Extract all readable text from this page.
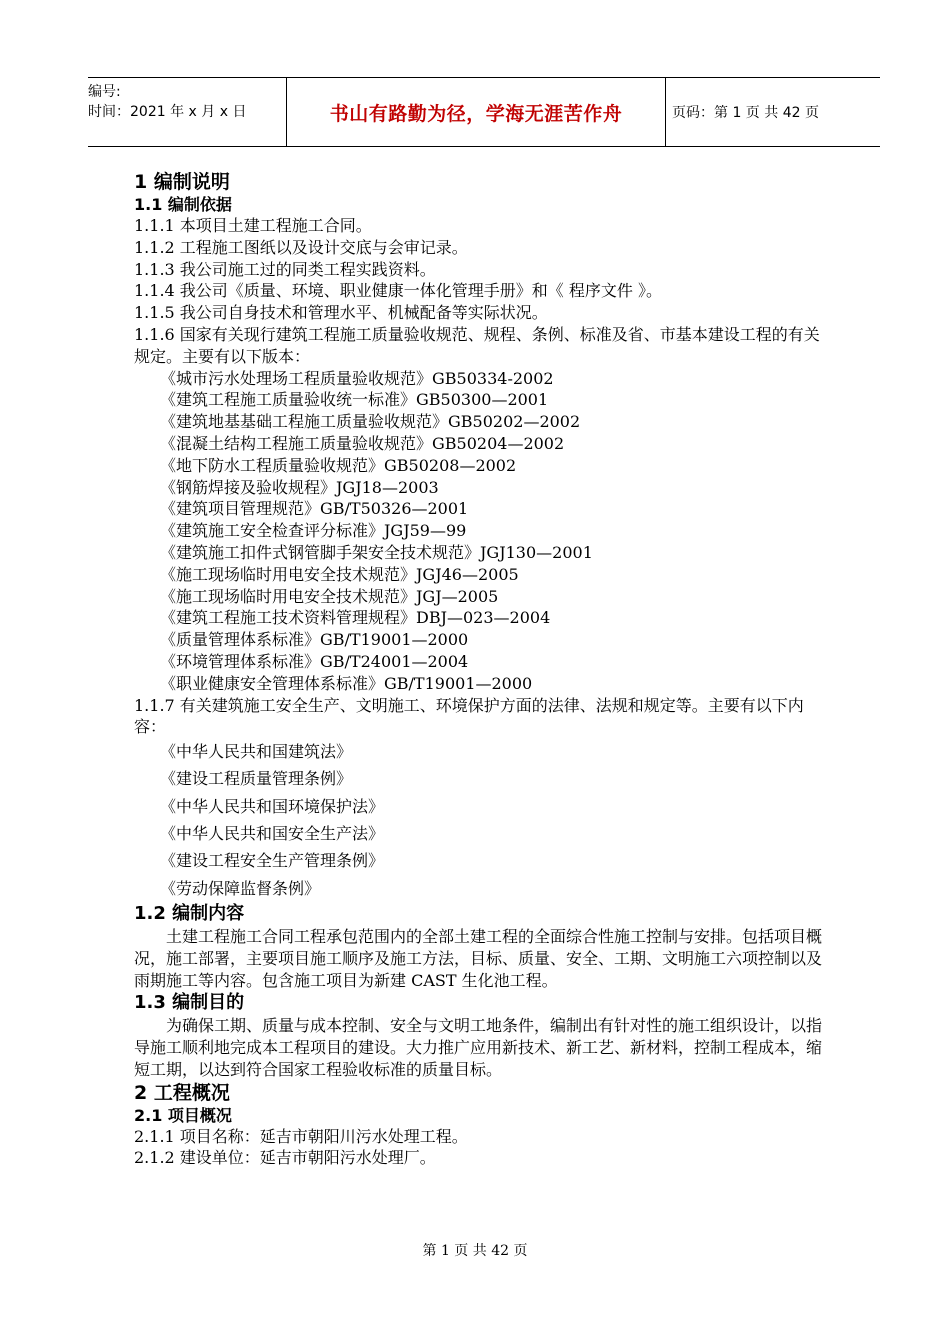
编号:
时间：2021 年 x 月 x 日	书山有路勤为径，学海无涯苦作舟	页码：第 1 页 共 42 页

1 编制说明

1.1 编制依据

1.1.1 本项目土建工程施工合同。

1.1.2 工程施工图纸以及设计交底与会审记录。

1.1.3 我公司施工过的同类工程实践资料。

1.1.4 我公司《质量、环境、职业健康一体化管理手册》和《 程序文件 》。

1.1.5 我公司自身技术和管理水平、机械配备等实际状况。

1.1.6 国家有关现行建筑工程施工质量验收规范、规程、条例、标准及省、市基本建设工程的有关规定。主要有以下版本：

《城市污水处理场工程质量验收规范》GB50334-2002

《建筑工程施工质量验收统一标准》GB50300—2001

《建筑地基基础工程施工质量验收规范》GB50202—2002

《混凝土结构工程施工质量验收规范》GB50204—2002

《地下防水工程质量验收规范》GB50208—2002

《钢筋焊接及验收规程》JGJ18—2003

《建筑项目管理规范》GB/T50326—2001

《建筑施工安全检查评分标准》JGJ59—99

《建筑施工扣件式钢管脚手架安全技术规范》JGJ130—2001

《施工现场临时用电安全技术规范》JGJ46—2005

《施工现场临时用电安全技术规范》JGJ—2005

《建筑工程施工技术资料管理规程》DBJ—023—2004

《质量管理体系标准》GB/T19001—2000

《环境管理体系标准》GB/T24001—2004

《职业健康安全管理体系标准》GB/T19001—2000

1.1.7 有关建筑施工安全生产、文明施工、环境保护方面的法律、法规和规定等。主要有以下内容：

《中华人民共和国建筑法》

《建设工程质量管理条例》

《中华人民共和国环境保护法》

《中华人民共和国安全生产法》

《建设工程安全生产管理条例》

《劳动保障监督条例》

1.2 编制内容

土建工程施工合同工程承包范围内的全部土建工程的全面综合性施工控制与安排。包括项目概况，施工部署，主要项目施工顺序及施工方法，目标、质量、安全、工期、文明施工六项控制以及雨期施工等内容。包含施工项目为新建 CAST 生化池工程。

1.3 编制目的

为确保工期、质量与成本控制、安全与文明工地条件，编制出有针对性的施工组织设计，以指导施工顺利地完成本工程项目的建设。大力推广应用新技术、新工艺、新材料，控制工程成本，缩短工期，以达到符合国家工程验收标准的质量目标。

2 工程概况

2.1 项目概况

2.1.1 项目名称：延吉市朝阳川污水处理工程。

2.1.2 建设单位：延吉市朝阳污水处理厂。

第 1 页 共 42 页
